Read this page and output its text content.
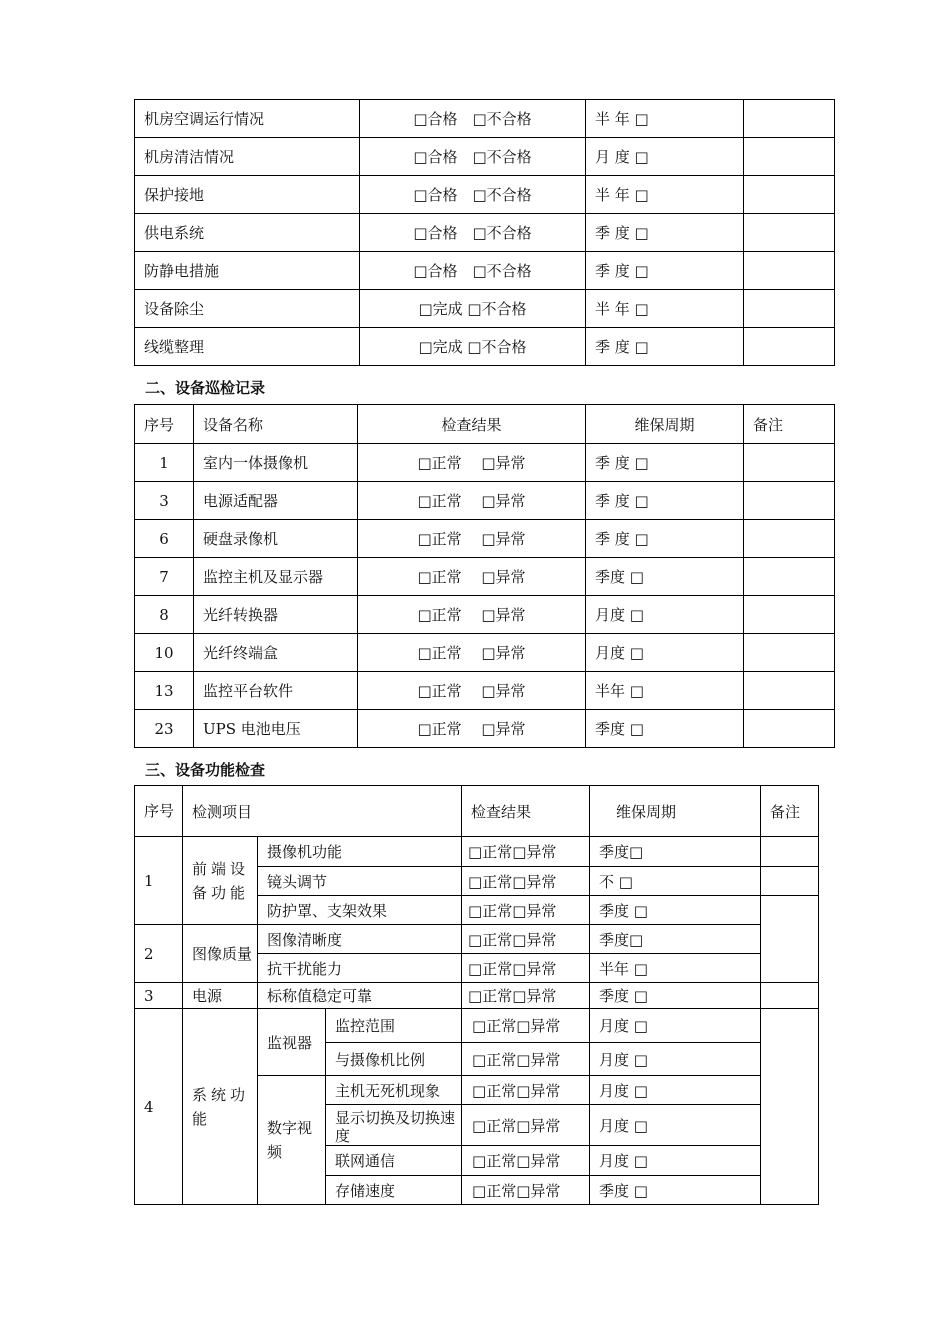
机房空调运行情况	□合格　□不合格	半 年 □	
机房清洁情况	□合格　□不合格	月 度 □	
保护接地	□合格　□不合格	半 年 □	
供电系统	□合格　□不合格	季 度 □	
防静电措施	□合格　□不合格	季 度 □	
设备除尘	□完成 □不合格	半 年 □	
线缆整理	□完成 □不合格	季 度 □	
二、设备巡检记录
序号	设备名称	检查结果	维保周期	备注
1	室内一体摄像机	□正常　 □异常	季 度 □	
3	电源适配器	□正常　 □异常	季 度 □	
6	硬盘录像机	□正常　 □异常	季 度 □	
7	监控主机及显示器	□正常　 □异常	季度 □	
8	光纤转换器	□正常　 □异常	月度 □	
10	光纤终端盒	□正常　 □异常	月度 □	
13	监控平台软件	□正常　 □异常	半年 □	
23	UPS 电池电压	□正常　 □异常	季度 □	
三、设备功能检查
序号	检测项目			检查结果	维保周期	备注
1	前端设备功能	摄像机功能		□正常□异常	季度□	
		镜头调节		□正常□异常	不 □	
		防护罩、支架效果		□正常□异常	季度 □	
2	图像质量	图像清晰度		□正常□异常	季度□	
		抗干扰能力		□正常□异常	半年 □	
3	电源	标称值稳定可靠		□正常□异常	季度 □	
4	系统功能	监视器	监控范围	□正常□异常	月度 □	
			与摄像机比例	□正常□异常	月度 □	
		数字视频	主机无死机现象	□正常□异常	月度 □	
			显示切换及切换速度	□正常□异常	月度 □	
			联网通信	□正常□异常	月度 □	
			存储速度	□正常□异常	季度 □	
